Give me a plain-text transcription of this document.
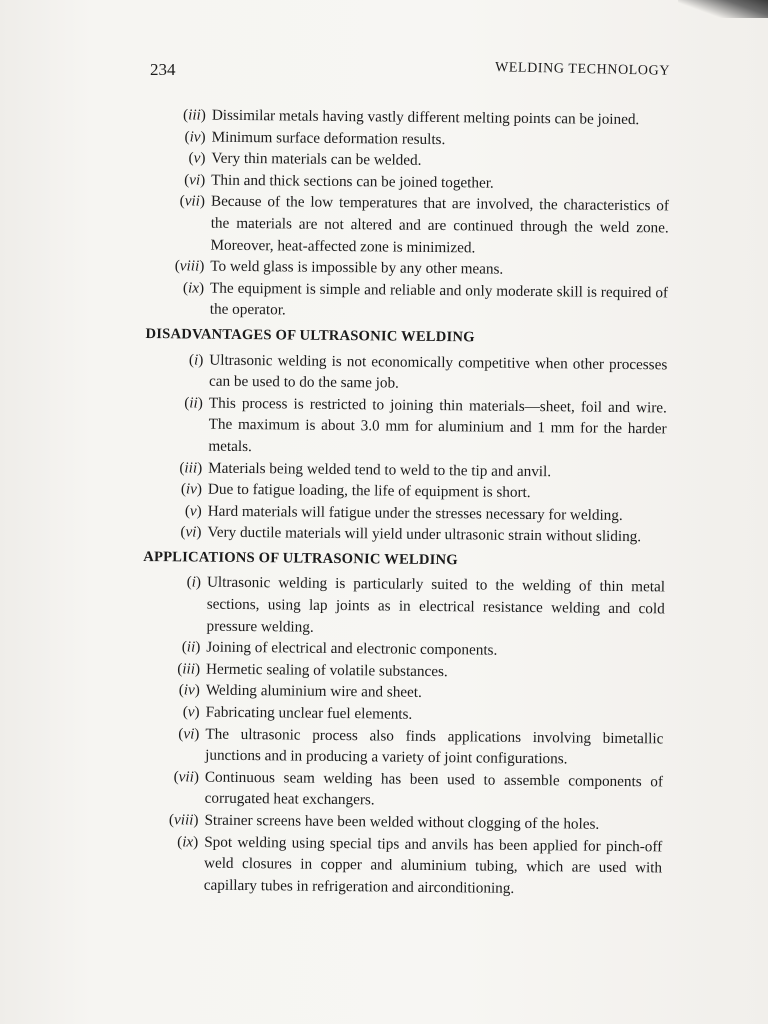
234	WELDING TECHNOLOGY
(iii) Dissimilar metals having vastly different melting points can be joined.
(iv) Minimum surface deformation results.
(v) Very thin materials can be welded.
(vi) Thin and thick sections can be joined together.
(vii) Because of the low temperatures that are involved, the characteristics of the materials are not altered and are continued through the weld zone. Moreover, heat-affected zone is minimized.
(viii) To weld glass is impossible by any other means.
(ix) The equipment is simple and reliable and only moderate skill is required of the operator.
DISADVANTAGES OF ULTRASONIC WELDING
(i) Ultrasonic welding is not economically competitive when other processes can be used to do the same job.
(ii) This process is restricted to joining thin materials—sheet, foil and wire. The maximum is about 3.0 mm for aluminium and 1 mm for the harder metals.
(iii) Materials being welded tend to weld to the tip and anvil.
(iv) Due to fatigue loading, the life of equipment is short.
(v) Hard materials will fatigue under the stresses necessary for welding.
(vi) Very ductile materials will yield under ultrasonic strain without sliding.
APPLICATIONS OF ULTRASONIC WELDING
(i) Ultrasonic welding is particularly suited to the welding of thin metal sections, using lap joints as in electrical resistance welding and cold pressure welding.
(ii) Joining of electrical and electronic components.
(iii) Hermetic sealing of volatile substances.
(iv) Welding aluminium wire and sheet.
(v) Fabricating unclear fuel elements.
(vi) The ultrasonic process also finds applications involving bimetallic junctions and in producing a variety of joint configurations.
(vii) Continuous seam welding has been used to assemble components of corrugated heat exchangers.
(viii) Strainer screens have been welded without clogging of the holes.
(ix) Spot welding using special tips and anvils has been applied for pinch-off weld closures in copper and aluminium tubing, which are used with capillary tubes in refrigeration and airconditioning.
